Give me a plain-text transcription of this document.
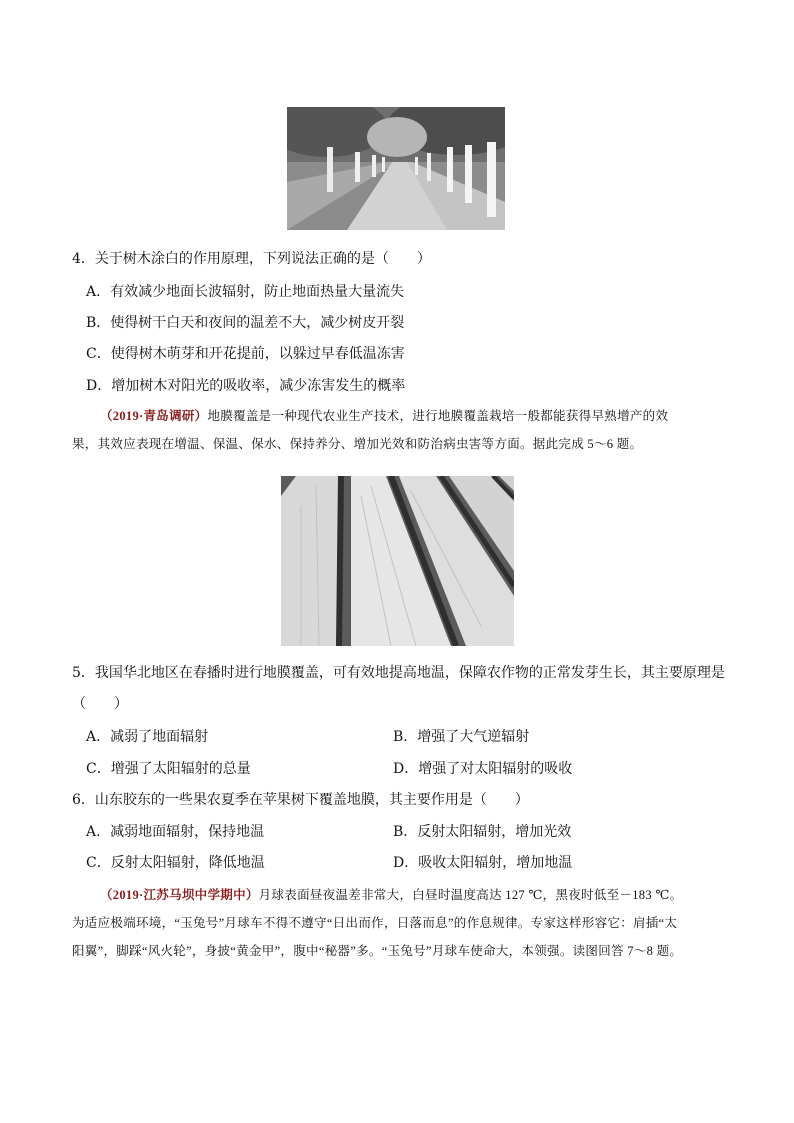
4．关于树木涂白的作用原理，下列说法正确的是（　　）
A．有效减少地面长波辐射，防止地面热量大量流失
B．使得树干白天和夜间的温差不大，减少树皮开裂
C．使得树木萌芽和开花提前，以躲过早春低温冻害
D．增加树木对阳光的吸收率，减少冻害发生的概率
（2019·青岛调研）地膜覆盖是一种现代农业生产技术，进行地膜覆盖栽培一般都能获得早熟增产的效
果，其效应表现在增温、保温、保水、保持养分、增加光效和防治病虫害等方面。据此完成 5～6 题。
5．我国华北地区在春播时进行地膜覆盖，可有效地提高地温，保障农作物的正常发芽生长，其主要原理是
（　　）
A．减弱了地面辐射	B．增强了大气逆辐射
C．增强了太阳辐射的总量	D．增强了对太阳辐射的吸收
6．山东胶东的一些果农夏季在苹果树下覆盖地膜，其主要作用是（　　）
A．减弱地面辐射，保持地温	B．反射太阳辐射，增加光效
C．反射太阳辐射，降低地温	D．吸收太阳辐射，增加地温
（2019·江苏马坝中学期中）月球表面昼夜温差非常大，白昼时温度高达 127 ℃，黑夜时低至－183 ℃。
为适应极端环境，“玉兔号”月球车不得不遵守“日出而作，日落而息”的作息规律。专家这样形容它：肩插“太
阳翼”，脚踩“风火轮”，身披“黄金甲”，腹中“秘器”多。“玉兔号”月球车使命大，本领强。读图回答 7～8 题。
